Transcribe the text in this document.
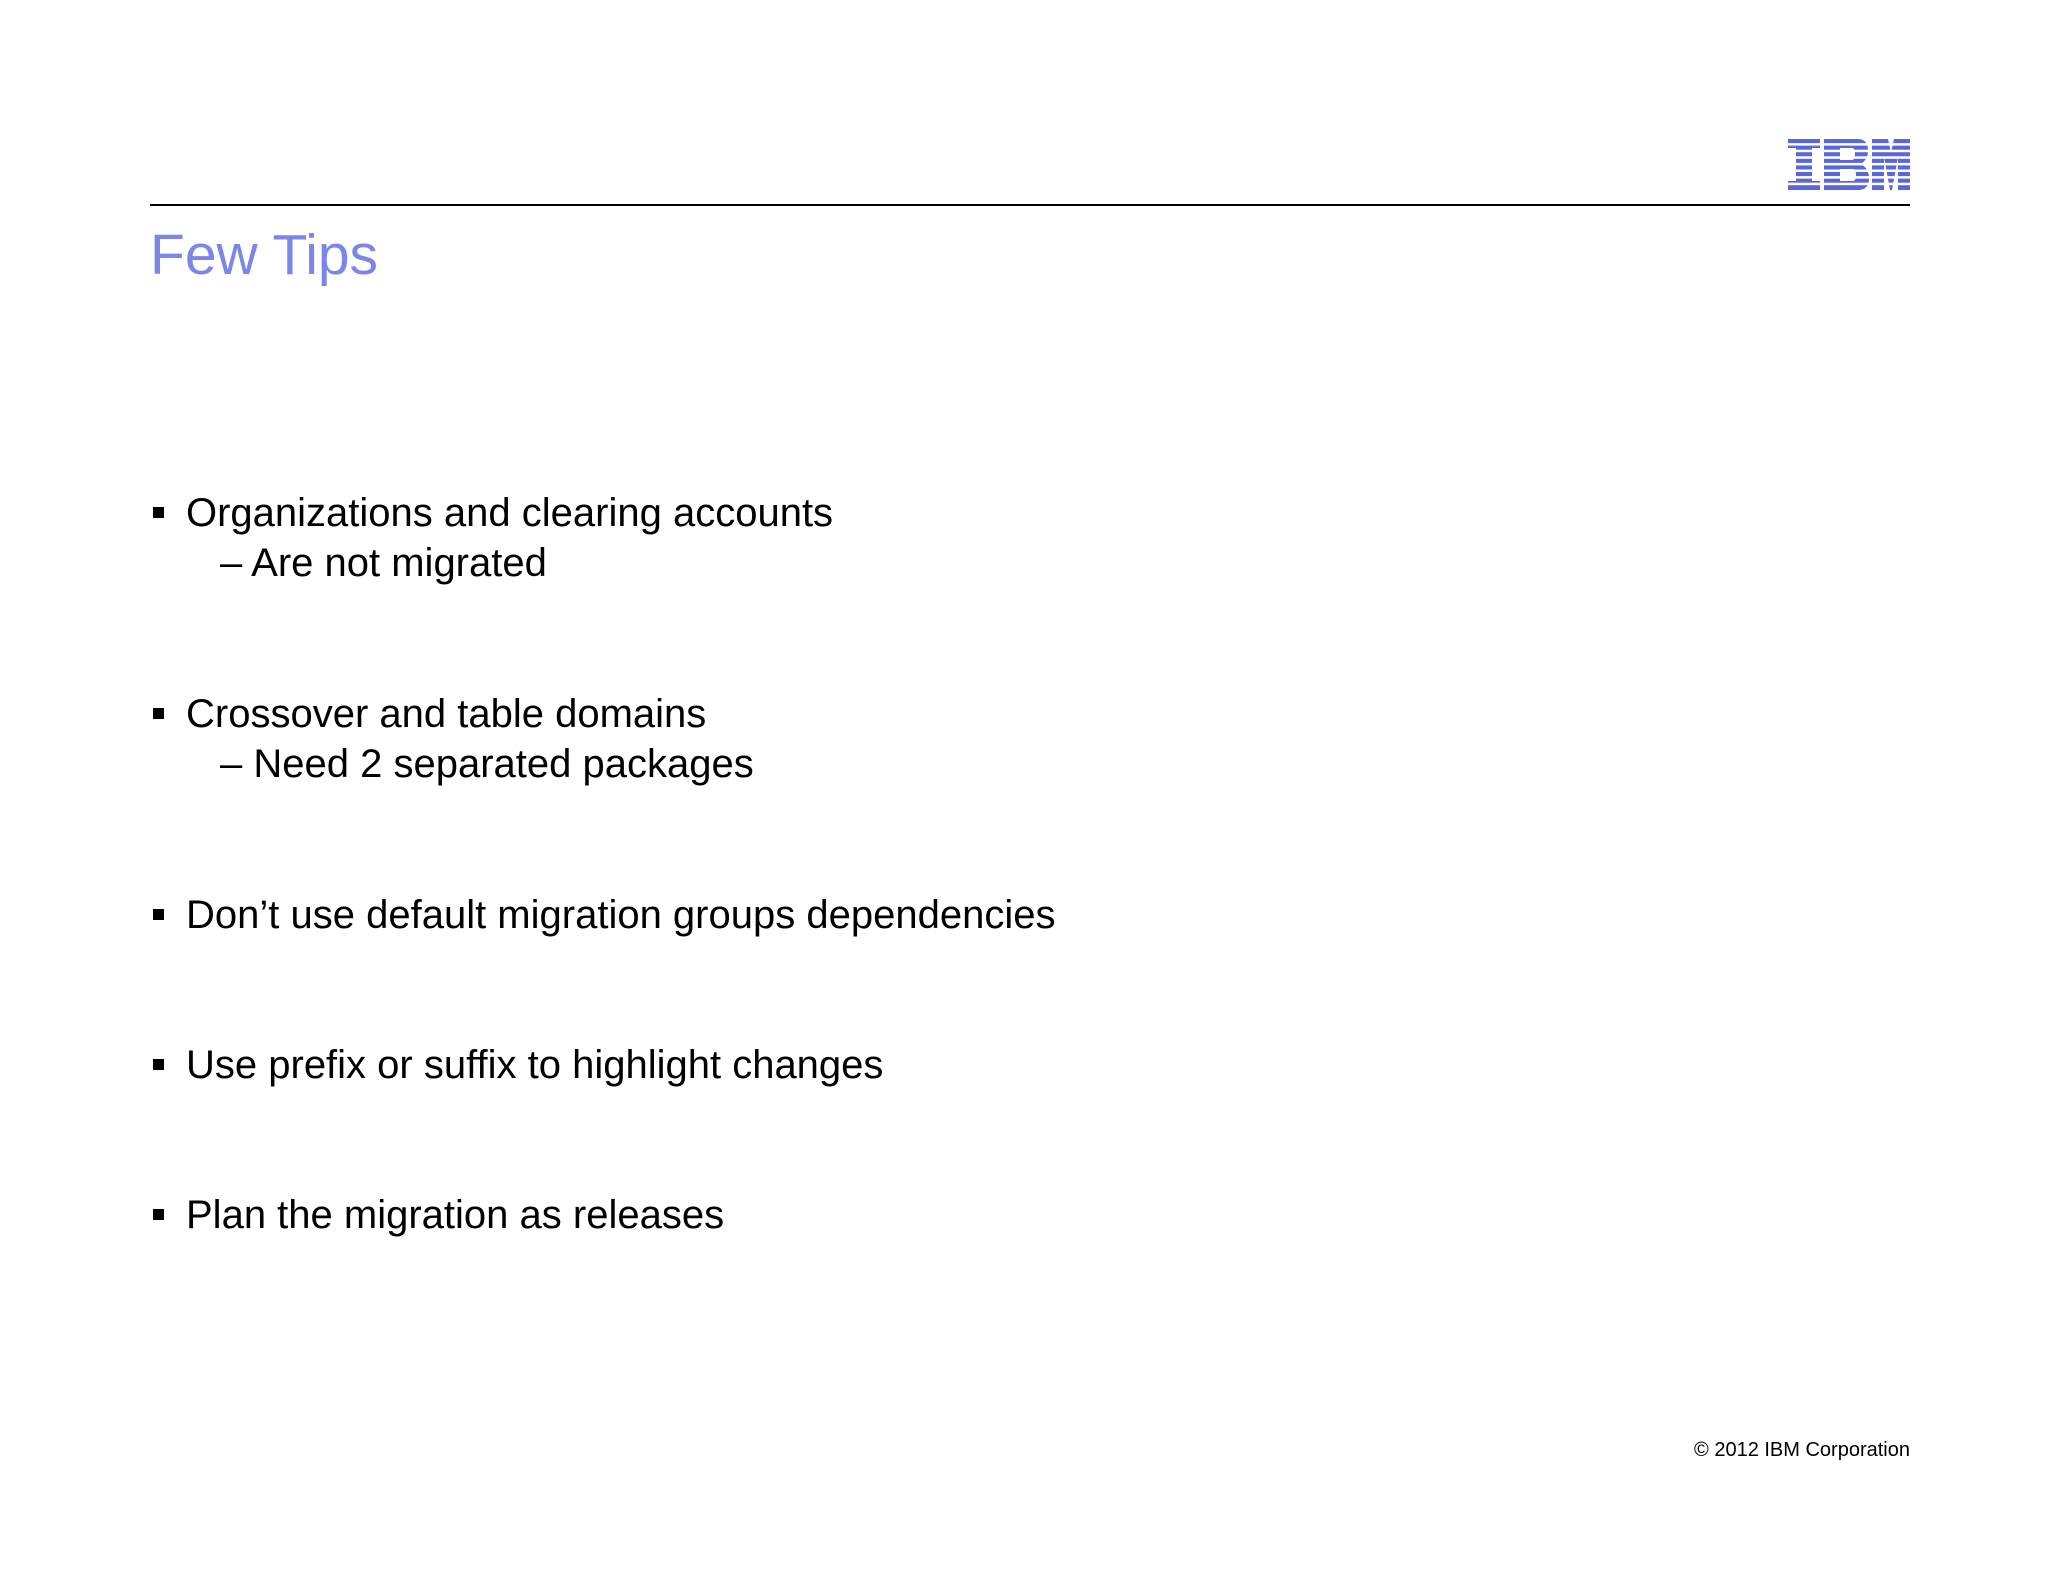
Few Tips
Organizations and clearing accounts
– Are not migrated
Crossover and table domains
– Need 2 separated packages
Don’t use default migration groups dependencies
Use prefix or suffix to highlight changes
Plan the migration as releases
© 2012 IBM Corporation
